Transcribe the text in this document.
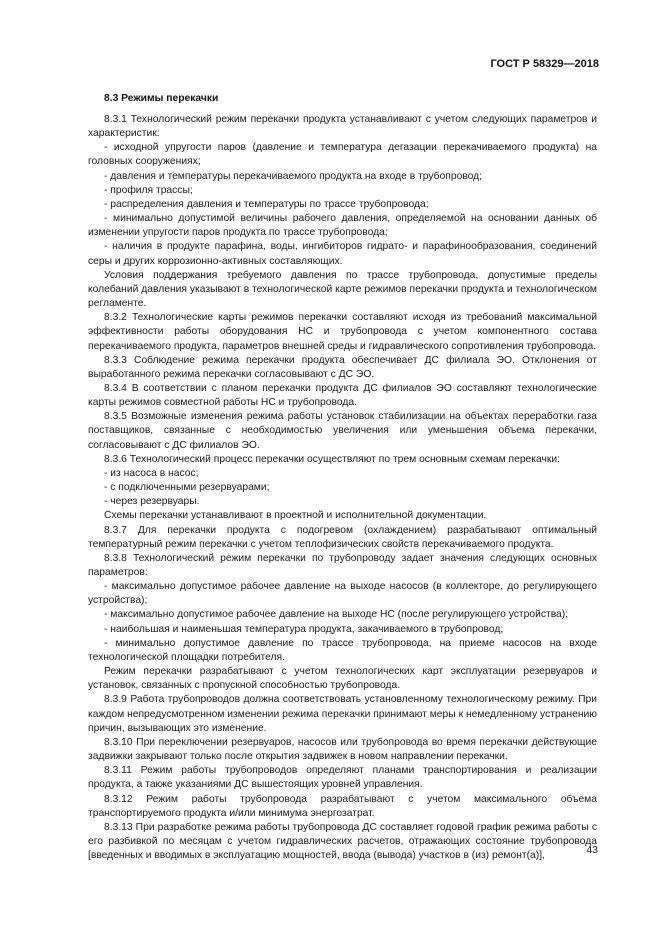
ГОСТ Р 58329—2018
8.3 Режимы перекачки

8.3.1 Технологический режим перекачки продукта устанавливают с учетом следующих параметров и характеристик:

- исходной упругости паров (давление и температура дегазации перекачиваемого продукта) на головных сооружениях;

- давления и температуры перекачиваемого продукта на входе в трубопровод;

- профиля трассы;

- распределения давления и температуры по трассе трубопровода;

- минимально допустимой величины рабочего давления, определяемой на основании данных об изменении упругости паров продукта по трассе трубопровода;

- наличия в продукте парафина, воды, ингибиторов гидрато- и парафинообразования, соединений серы и других коррозионно-активных составляющих.

Условия поддержания требуемого давления по трассе трубопровода, допустимые пределы колебаний давления указывают в технологической карте режимов перекачки продукта и технологическом регламенте.

8.3.2 Технологические карты режимов перекачки составляют исходя из требований максимальной эффективности работы оборудования НС и трубопровода с учетом компонентного состава перекачиваемого продукта, параметров внешней среды и гидравлического сопротивления трубопровода.

8.3.3 Соблюдение режима перекачки продукта обеспечивает ДС филиала ЭО. Отклонения от выработанного режима перекачки согласовывают с ДС ЭО.

8.3.4 В соответствии с планом перекачки продукта ДС филиалов ЭО составляют технологические карты режимов совместной работы НС и трубопровода.

8.3.5 Возможные изменения режима работы установок стабилизации на объектах переработки газа поставщиков, связанные с необходимостью увеличения или уменьшения объема перекачки, согласовывают с ДС филиалов ЭО.

8.3.6 Технологический процесс перекачки осуществляют по трем основным схемам перекачки:

- из насоса в насос;

- с подключенными резервуарами;

- через резервуары.

Схемы перекачки устанавливают в проектной и исполнительной документации.

8.3.7 Для перекачки продукта с подогревом (охлаждением) разрабатывают оптимальный температурный режим перекачки с учетом теплофизических свойств перекачиваемого продукта.

8.3.8 Технологический режим перекачки по трубопроводу задает значения следующих основных параметров:

- максимально допустимое рабочее давление на выходе насосов (в коллекторе, до регулирующего устройства);

- максимально допустимое рабочее давление на выходе НС (после регулирующего устройства);

- наибольшая и наименьшая температура продукта, закачиваемого в трубопровод;

- минимально допустимое давление по трассе трубопровода, на приеме насосов на входе технологической площадки потребителя.

Режим перекачки разрабатывают с учетом технологических карт эксплуатации резервуаров и установок, связанных с пропускной способностью трубопровода.

8.3.9 Работа трубопроводов должна соответствовать установленному технологическому режиму. При каждом непредусмотренном изменении режима перекачки принимают меры к немедленному устранению причин, вызывающих это изменение.

8.3.10 При переключении резервуаров, насосов или трубопровода во время перекачки действующие задвижки закрывают только после открытия задвижек в новом направлении перекачки.

8.3.11 Режим работы трубопроводов определяют планами транспортирования и реализации продукта, а также указаниями ДС вышестоящих уровней управления.

8.3.12 Режим работы трубопровода разрабатывают с учетом максимального объема транспортируемого продукта и/или минимума энергозатрат.

8.3.13 При разработке режима работы трубопровода ДС составляет годовой график режима работы с его разбивкой по месяцам с учетом гидравлических расчетов, отражающих состояние трубопровода [введенных и вводимых в эксплуатацию мощностей, ввода (вывода) участков в (из) ремонт(а)],	43
